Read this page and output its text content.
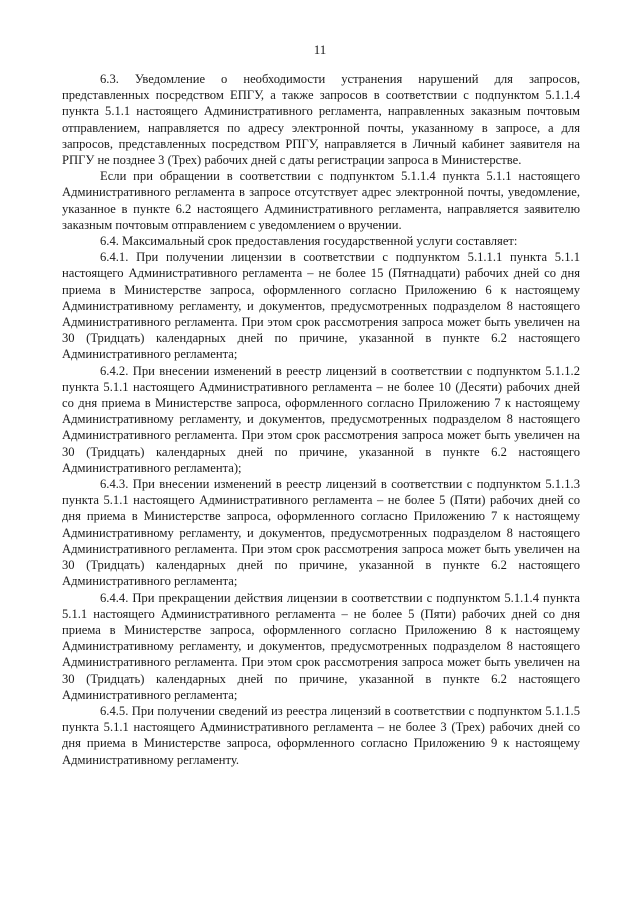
11

6.3. Уведомление о необходимости устранения нарушений для запросов, представленных посредством ЕПГУ, а также запросов в соответствии с подпунктом 5.1.1.4 пункта 5.1.1 настоящего Административного регламента, направленных заказным почтовым отправлением, направляется по адресу электронной почты, указанному в запросе, а для запросов, представленных посредством РПГУ, направляется в Личный кабинет заявителя на РПГУ не позднее 3 (Трех) рабочих дней с даты регистрации запроса в Министерстве.

Если при обращении в соответствии с подпунктом 5.1.1.4 пункта 5.1.1 настоящего Административного регламента в запросе отсутствует адрес электронной почты, уведомление, указанное в пункте 6.2 настоящего Административного регламента, направляется заявителю заказным почтовым отправлением с уведомлением о вручении.

6.4. Максимальный срок предоставления государственной услуги составляет:

6.4.1. При получении лицензии в соответствии с подпунктом 5.1.1.1 пункта 5.1.1 настоящего Административного регламента – не более 15 (Пятнадцати) рабочих дней со дня приема в Министерстве запроса, оформленного согласно Приложению 6 к настоящему Административному регламенту, и документов, предусмотренных подразделом 8 настоящего Административного регламента. При этом срок рассмотрения запроса может быть увеличен на 30 (Тридцать) календарных дней по причине, указанной в пункте 6.2 настоящего Административного регламента;

6.4.2. При внесении изменений в реестр лицензий в соответствии с подпунктом 5.1.1.2 пункта 5.1.1 настоящего Административного регламента – не более 10 (Десяти) рабочих дней со дня приема в Министерстве запроса, оформленного согласно Приложению 7 к настоящему Административному регламенту, и документов, предусмотренных подразделом 8 настоящего Административного регламента. При этом срок рассмотрения запроса может быть увеличен на 30 (Тридцать) календарных дней по причине, указанной в пункте 6.2 настоящего Административного регламента);

6.4.3. При внесении изменений в реестр лицензий в соответствии с подпунктом 5.1.1.3 пункта 5.1.1 настоящего Административного регламента – не более 5 (Пяти) рабочих дней со дня приема в Министерстве запроса, оформленного согласно Приложению 7 к настоящему Административному регламенту, и документов, предусмотренных подразделом 8 настоящего Административного регламента. При этом срок рассмотрения запроса может быть увеличен на 30 (Тридцать) календарных дней по причине, указанной в пункте 6.2 настоящего Административного регламента;

6.4.4. При прекращении действия лицензии в соответствии с подпунктом 5.1.1.4 пункта 5.1.1 настоящего Административного регламента – не более 5 (Пяти) рабочих дней со дня приема в Министерстве запроса, оформленного согласно Приложению 8 к настоящему Административному регламенту, и документов, предусмотренных подразделом 8 настоящего Административного регламента. При этом срок рассмотрения запроса может быть увеличен на 30 (Тридцать) календарных дней по причине, указанной в пункте 6.2 настоящего Административного регламента;

6.4.5. При получении сведений из реестра лицензий в соответствии с подпунктом 5.1.1.5 пункта 5.1.1 настоящего Административного регламента – не более 3 (Трех) рабочих дней со дня приема в Министерстве запроса, оформленного согласно Приложению 9 к настоящему Административному регламенту.
